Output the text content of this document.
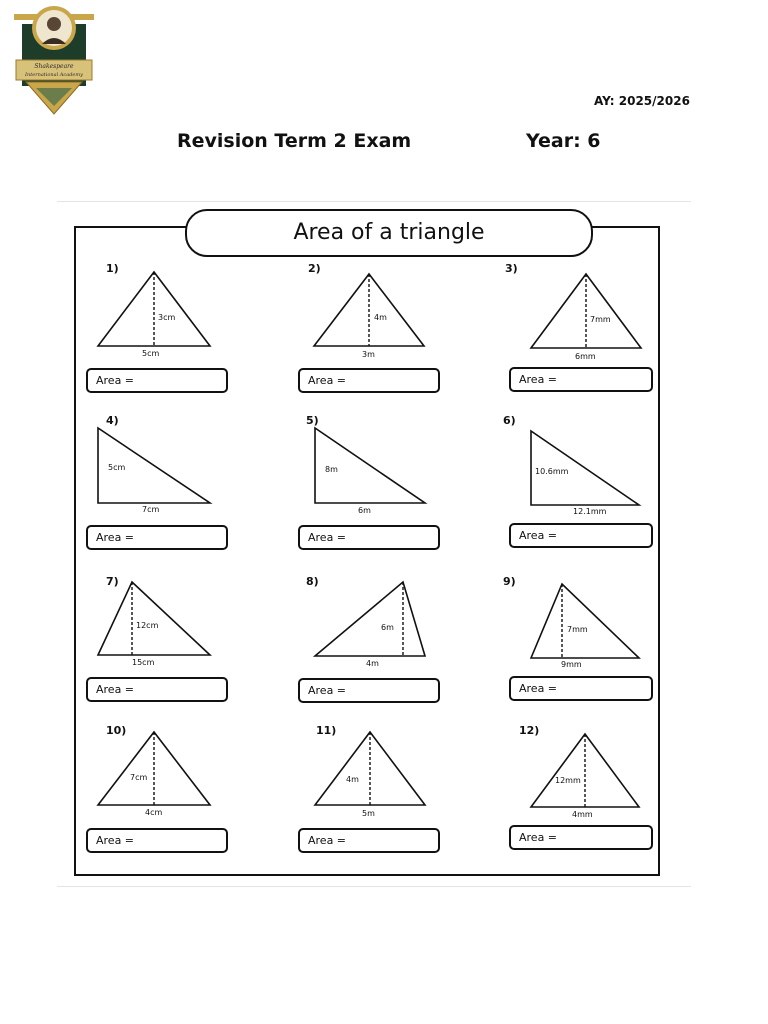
Shakespeare
International Academy
AY: 2025/2026
Revision Term 2 Exam	Year: 6
Area of a triangle
1)
3cm
5cm
Area =
2)
4m
3m
Area =
3)
7mm
6mm
Area =
4)
5cm
7cm
Area =
5)
8m
6m
Area =
6)
10.6mm
12.1mm
Area =
7)
12cm
15cm
Area =
8)
6m
4m
Area =
9)
7mm
9mm
Area =
10)
7cm
4cm
Area =
11)
4m
5m
Area =
12)
12mm
4mm
Area =
